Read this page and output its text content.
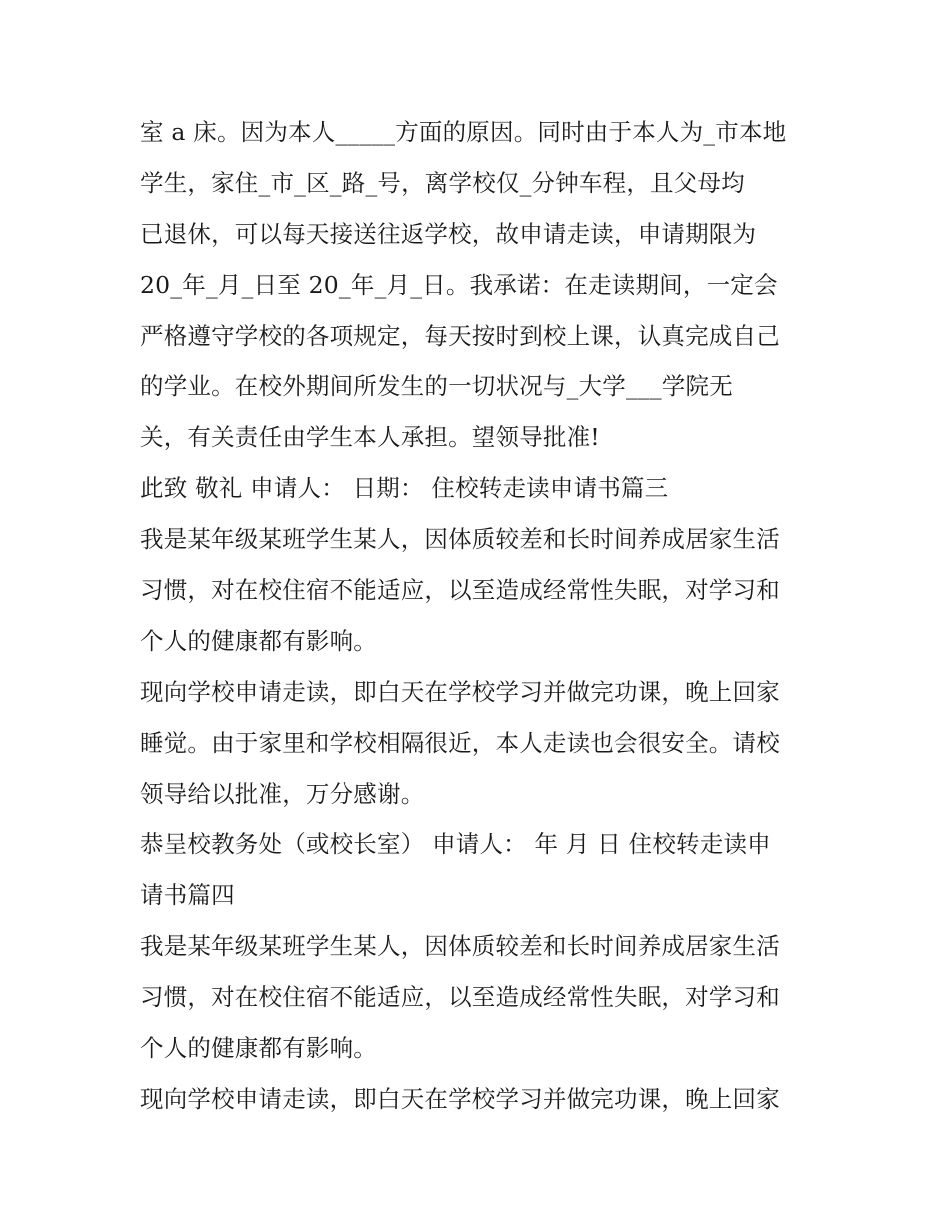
室 a 床。因为本人_____方面的原因。同时由于本人为_市本地
学生，家住_市_区_路_号，离学校仅_分钟车程，且父母均
已退休，可以每天接送往返学校，故申请走读，申请期限为
20_年_月_日至 20_年_月_日。我承诺：在走读期间，一定会
严格遵守学校的各项规定，每天按时到校上课，认真完成自己
的学业。在校外期间所发生的一切状况与_大学___学院无
关，有关责任由学生本人承担。望领导批准!
此致 敬礼 申请人： 日期： 住校转走读申请书篇三
我是某年级某班学生某人，因体质较差和长时间养成居家生活
习惯，对在校住宿不能适应，以至造成经常性失眠，对学习和
个人的健康都有影响。
现向学校申请走读，即白天在学校学习并做完功课，晚上回家
睡觉。由于家里和学校相隔很近，本人走读也会很安全。请校
领导给以批准，万分感谢。
恭呈校教务处（或校长室） 申请人： 年 月 日 住校转走读申
请书篇四
我是某年级某班学生某人，因体质较差和长时间养成居家生活
习惯，对在校住宿不能适应，以至造成经常性失眠，对学习和
个人的健康都有影响。
现向学校申请走读，即白天在学校学习并做完功课，晚上回家
